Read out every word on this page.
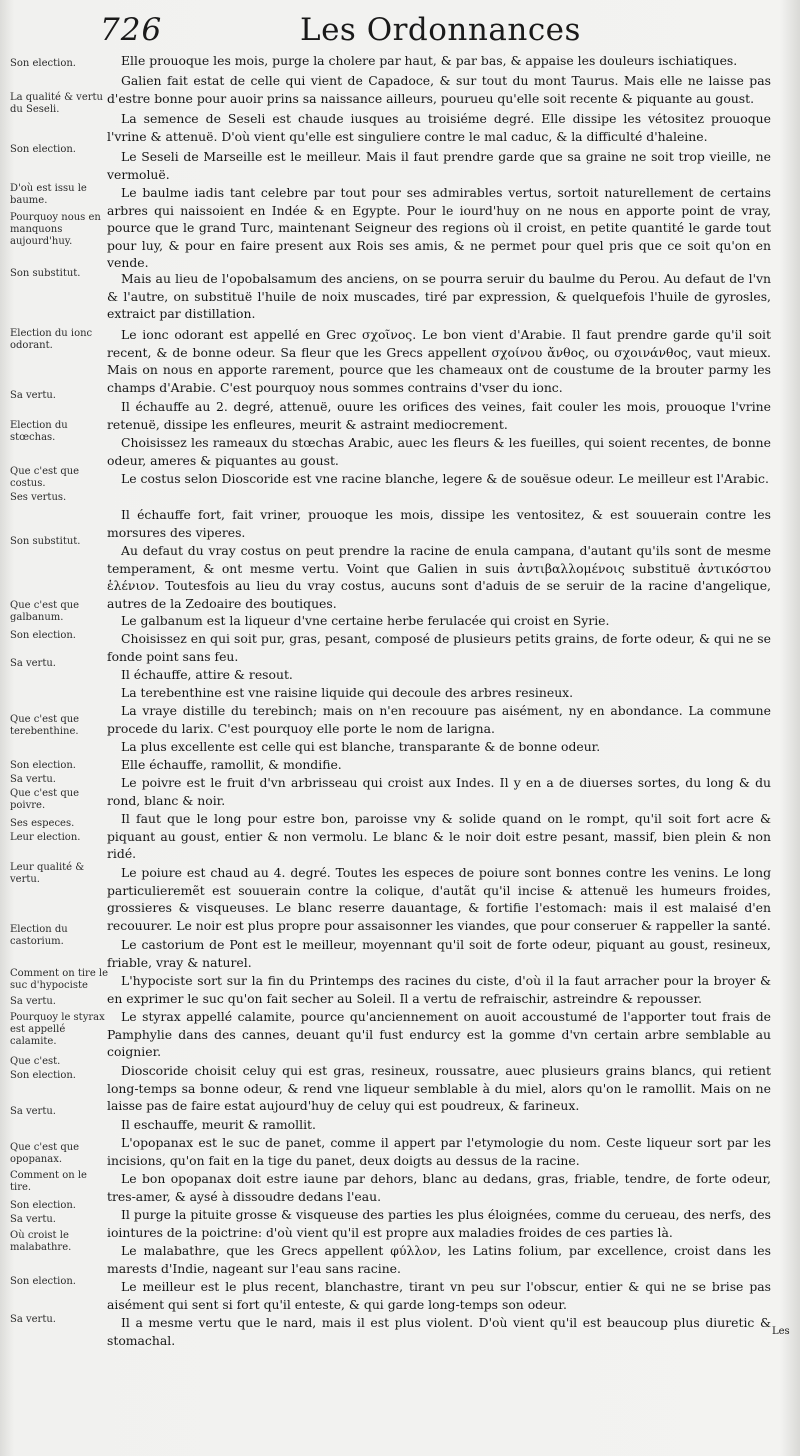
726	Les Ordonnances
Son election.
La qualité & vertu du Seseli.
Son election.
D'où est issu le baume.
Pourquoy nous en manquons aujourd'huy.
Son substitut.
Election du ionc odorant.
Sa vertu.
Election du stœchas.
Que c'est que costus.
Ses vertus.
Son substitut.
Que c'est que galbanum.
Son election.
Sa vertu.
Que c'est que terebenthine.
Son election.
Sa vertu.
Que c'est que poivre.
Ses especes.
Leur election.
Leur qualité & vertu.
Election du castorium.
Comment on tire le suc d'hypociste
Sa vertu.
Pourquoy le styrax est appellé calamite.
Que c'est.
Son election.
Sa vertu.
Que c'est que opopanax.
Comment on le tire.
Son election.
Sa vertu.
Où croist le malabathre.
Son election.
Sa vertu.

Elle prouoque les mois, purge la cholere par haut, & par bas, & appaise les douleurs ischiatiques.

Galien fait estat de celle qui vient de Capadoce, & sur tout du mont Taurus. Mais elle ne laisse pas d'estre bonne pour auoir prins sa naissance ailleurs, pourueu qu'elle soit recente & piquante au goust.

La semence de Seseli est chaude iusques au troisiéme degré. Elle dissipe les vétositez prouoque l'vrine & attenuë. D'où vient qu'elle est singuliere contre le mal caduc, & la difficulté d'haleine.

Le Seseli de Marseille est le meilleur. Mais il faut prendre garde que sa graine ne soit trop vieille, ne vermoluë.

Le baulme iadis tant celebre par tout pour ses admirables vertus, sortoit naturellement de certains arbres qui naissoient en Indée & en Egypte. Pour le iourd'huy on ne nous en apporte point de vray, pource que le grand Turc, maintenant Seigneur des regions où il croist, en petite quantité le garde tout pour luy, & pour en faire present aux Rois ses amis, & ne permet pour quel pris que ce soit qu'on en vende.

Mais au lieu de l'opobalsamum des anciens, on se pourra seruir du baulme du Perou. Au defaut de l'vn & l'autre, on substituë l'huile de noix muscades, tiré par expression, & quelquefois l'huile de gyrosles, extraict par distillation.

Le ionc odorant est appellé en Grec σχοῖνος. Le bon vient d'Arabie. Il faut prendre garde qu'il soit recent, & de bonne odeur. Sa fleur que les Grecs appellent σχοίνου ἄνθος, ou σχοινάνθος, vaut mieux. Mais on nous en apporte rarement, pource que les chameaux ont de coustume de la brouter parmy les champs d'Arabie. C'est pourquoy nous sommes contrains d'vser du ionc.

Il échauffe au 2. degré, attenuë, ouure les orifices des veines, fait couler les mois, prouoque l'vrine retenuë, dissipe les enfleures, meurit & astraint mediocrement.

Choisissez les rameaux du stœchas Arabic, auec les fleurs & les fueilles, qui soient recentes, de bonne odeur, ameres & piquantes au goust.

Le costus selon Dioscoride est vne racine blanche, legere & de souësue odeur. Le meilleur est l'Arabic.

Il échauffe fort, fait vriner, prouoque les mois, dissipe les ventositez, & est souuerain contre les morsures des viperes.

Au defaut du vray costus on peut prendre la racine de enula campana, d'autant qu'ils sont de mesme temperament, & ont mesme vertu. Voint que Galien in suis ἀντιβαλλομένοις substituë ἀντικόστου ἑλένιον. Toutesfois au lieu du vray costus, aucuns sont d'aduis de se seruir de la racine d'angelique, autres de la Zedoaire des boutiques.

Le galbanum est la liqueur d'vne certaine herbe ferulacée qui croist en Syrie.

Choisissez en qui soit pur, gras, pesant, composé de plusieurs petits grains, de forte odeur, & qui ne se fonde point sans feu.

Il échauffe, attire & resout.

La terebenthine est vne raisine liquide qui decoule des arbres resineux.

La vraye distille du terebinch; mais on n'en recouure pas aisément, ny en abondance. La commune procede du larix. C'est pourquoy elle porte le nom de larigna.

La plus excellente est celle qui est blanche, transparante & de bonne odeur.

Elle échauffe, ramollit, & mondifie.

Le poivre est le fruit d'vn arbrisseau qui croist aux Indes. Il y en a de diuerses sortes, du long & du rond, blanc & noir.

Il faut que le long pour estre bon, paroisse vny & solide quand on le rompt, qu'il soit fort acre & piquant au goust, entier & non vermolu. Le blanc & le noir doit estre pesant, massif, bien plein & non ridé.

Le poiure est chaud au 4. degré. Toutes les especes de poiure sont bonnes contre les venins. Le long particulieremẽt est souuerain contre la colique, d'autãt qu'il incise & attenuë les humeurs froides, grossieres & visqueuses. Le blanc reserre dauantage, & fortifie l'estomach: mais il est malaisé d'en recouurer. Le noir est plus propre pour assaisonner les viandes, que pour conseruer & rappeller la santé.

Le castorium de Pont est le meilleur, moyennant qu'il soit de forte odeur, piquant au goust, resineux, friable, vray & naturel.

L'hypociste sort sur la fin du Printemps des racines du ciste, d'où il la faut arracher pour la broyer & en exprimer le suc qu'on fait secher au Soleil. Il a vertu de refraischir, astreindre & repousser.

Le styrax appellé calamite, pource qu'anciennement on auoit accoustumé de l'apporter tout frais de Pamphylie dans des cannes, deuant qu'il fust endurcy est la gomme d'vn certain arbre semblable au coignier.

Dioscoride choisit celuy qui est gras, resineux, roussatre, auec plusieurs grains blancs, qui retient long-temps sa bonne odeur, & rend vne liqueur semblable à du miel, alors qu'on le ramollit. Mais on ne laisse pas de faire estat aujourd'huy de celuy qui est poudreux, & farineux.

Il eschauffe, meurit & ramollit.

L'opopanax est le suc de panet, comme il appert par l'etymologie du nom. Ceste liqueur sort par les incisions, qu'on fait en la tige du panet, deux doigts au dessus de la racine.

Le bon opopanax doit estre iaune par dehors, blanc au dedans, gras, friable, tendre, de forte odeur, tres-amer, & aysé à dissoudre dedans l'eau.

Il purge la pituite grosse & visqueuse des parties les plus éloignées, comme du cerueau, des nerfs, des iointures de la poictrine: d'où vient qu'il est propre aux maladies froides de ces parties là.

Le malabathre, que les Grecs appellent φύλλον, les Latins folium, par excellence, croist dans les marests d'Indie, nageant sur l'eau sans racine.

Le meilleur est le plus recent, blanchastre, tirant vn peu sur l'obscur, entier & qui ne se brise pas aisément qui sent si fort qu'il enteste, & qui garde long-temps son odeur.

Il a mesme vertu que le nard, mais il est plus violent. D'où vient qu'il est beaucoup plus diuretic & stomachal.

Les
